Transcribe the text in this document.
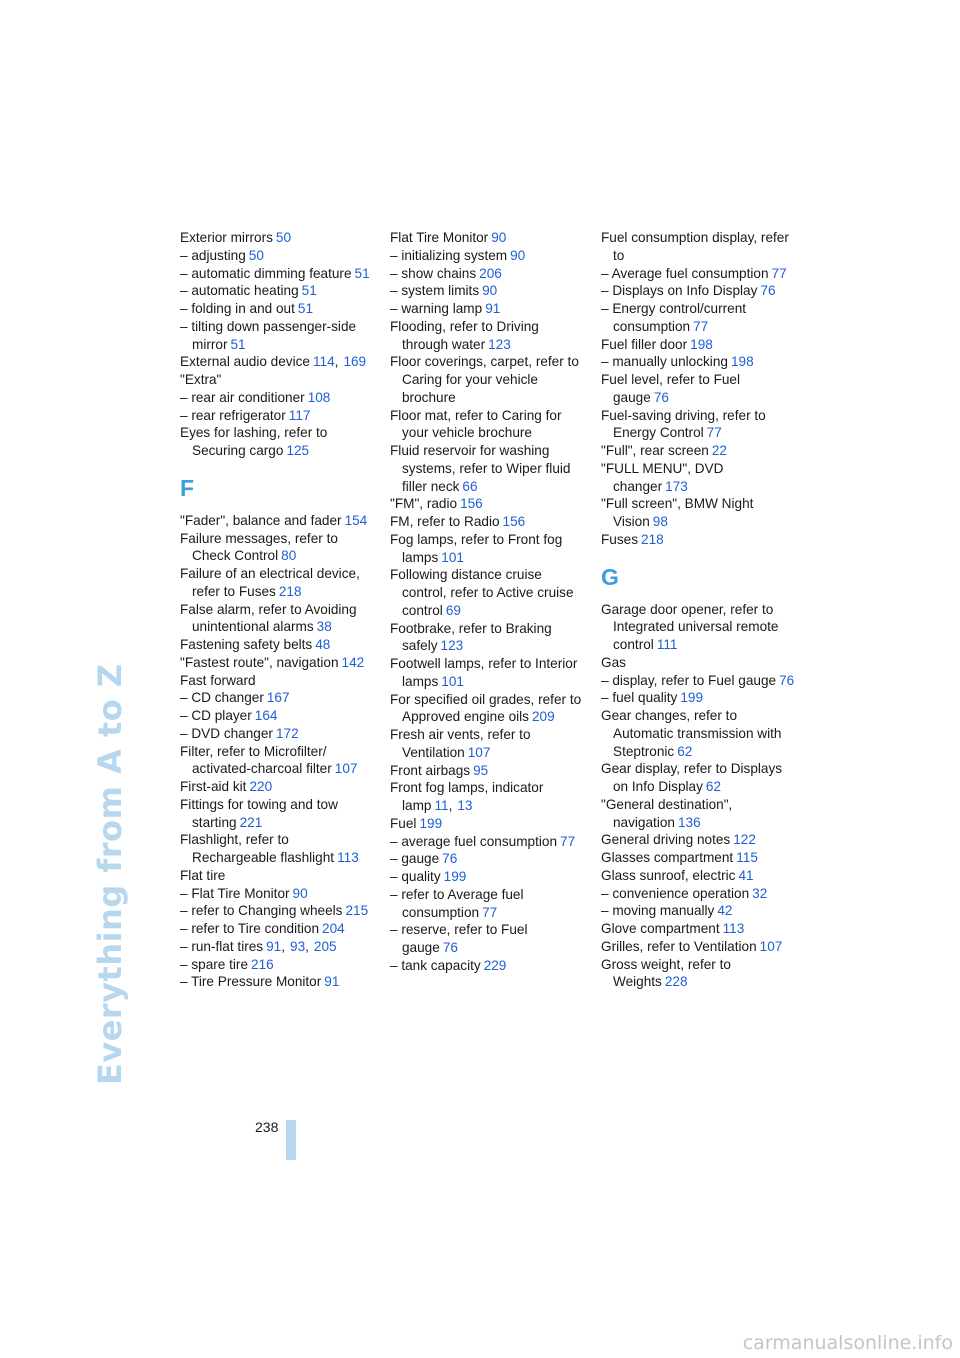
Everything from A to Z
Exterior mirrors 50
– adjusting 50
– automatic dimming feature 51
– automatic heating 51
– folding in and out 51
– tilting down passenger-side mirror 51
External audio device 114, 169
"Extra"
– rear air conditioner 108
– rear refrigerator 117
Eyes for lashing, refer to Securing cargo 125
F
"Fader", balance and fader 154
Failure messages, refer to Check Control 80
Failure of an electrical device, refer to Fuses 218
False alarm, refer to Avoiding unintentional alarms 38
Fastening safety belts 48
"Fastest route", navigation 142
Fast forward
– CD changer 167
– CD player 164
– DVD changer 172
Filter, refer to Microfilter/ activated-charcoal filter 107
First-aid kit 220
Fittings for towing and tow starting 221
Flashlight, refer to Rechargeable flashlight 113
Flat tire
– Flat Tire Monitor 90
– refer to Changing wheels 215
– refer to Tire condition 204
– run-flat tires 91, 93, 205
– spare tire 216
– Tire Pressure Monitor 91
Flat Tire Monitor 90
– initializing system 90
– show chains 206
– system limits 90
– warning lamp 91
Flooding, refer to Driving through water 123
Floor coverings, carpet, refer to Caring for your vehicle brochure
Floor mat, refer to Caring for your vehicle brochure
Fluid reservoir for washing systems, refer to Wiper fluid filler neck 66
"FM", radio 156
FM, refer to Radio 156
Fog lamps, refer to Front fog lamps 101
Following distance cruise control, refer to Active cruise control 69
Footbrake, refer to Braking safely 123
Footwell lamps, refer to Interior lamps 101
For specified oil grades, refer to Approved engine oils 209
Fresh air vents, refer to Ventilation 107
Front airbags 95
Front fog lamps, indicator lamp 11, 13
Fuel 199
– average fuel consumption 77
– gauge 76
– quality 199
– refer to Average fuel consumption 77
– reserve, refer to Fuel gauge 76
– tank capacity 229
Fuel consumption display, refer to
– Average fuel consumption 77
– Displays on Info Display 76
– Energy control/current consumption 77
Fuel filler door 198
– manually unlocking 198
Fuel level, refer to Fuel gauge 76
Fuel-saving driving, refer to Energy Control 77
"Full", rear screen 22
"FULL MENU", DVD changer 173
"Full screen", BMW Night Vision 98
Fuses 218
G
Garage door opener, refer to Integrated universal remote control 111
Gas
– display, refer to Fuel gauge 76
– fuel quality 199
Gear changes, refer to Automatic transmission with Steptronic 62
Gear display, refer to Displays on Info Display 62
"General destination", navigation 136
General driving notes 122
Glasses compartment 115
Glass sunroof, electric 41
– convenience operation 32
– moving manually 42
Glove compartment 113
Grilles, refer to Ventilation 107
Gross weight, refer to Weights 228
238
carmanualsonline.info
